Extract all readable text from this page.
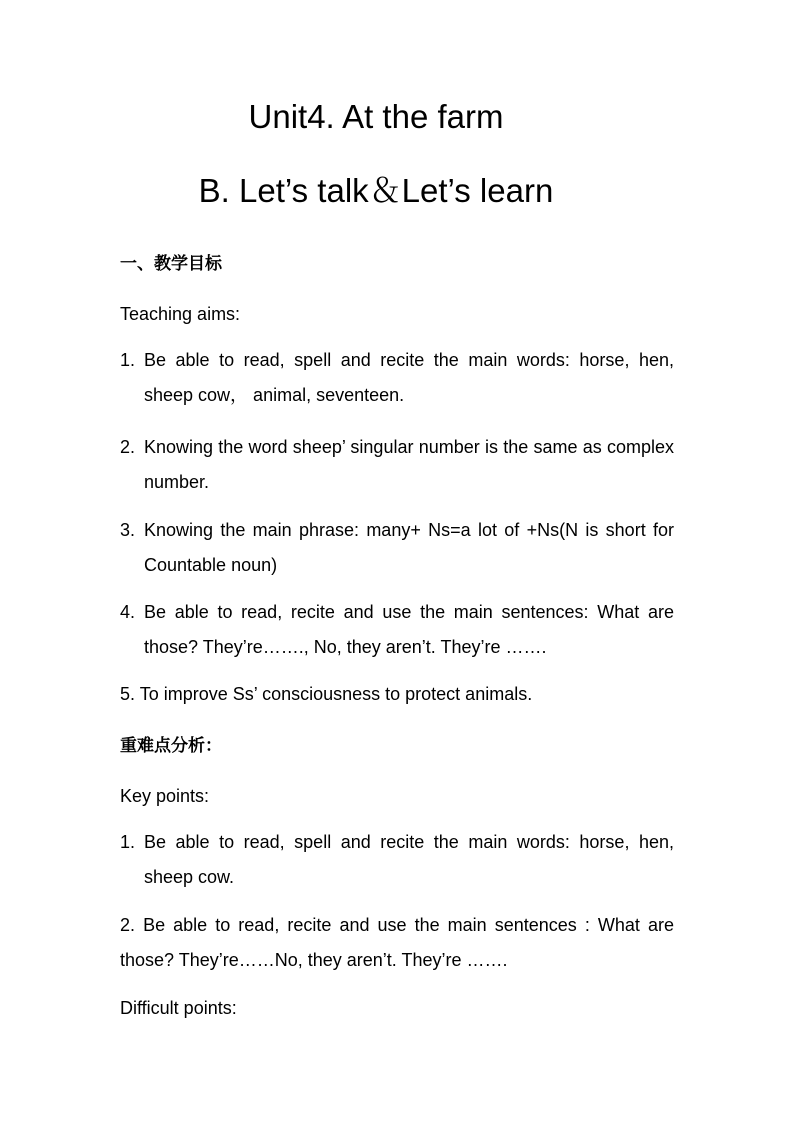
Unit4. At the farm
B. Let’s talk＆Let’s learn
一、教学目标
Teaching aims:
1. Be able to read, spell and recite the main words: horse, hen, sheep cow， animal, seventeen.
2. Knowing the word sheep’ singular number is the same as complex number.
3. Knowing the main phrase: many+ Ns=a lot of +Ns(N is short for Countable noun)
4. Be able to read, recite and use the main sentences: What are those? They’re……., No, they aren’t. They’re …….
5. To improve Ss’ consciousness to protect animals.
重难点分析：
Key points:
1. Be able to read, spell and recite the main words: horse, hen, sheep cow.
2. Be able to read, recite and use the main sentences : What are those? They’re……No, they aren’t. They’re …….
Difficult points:
